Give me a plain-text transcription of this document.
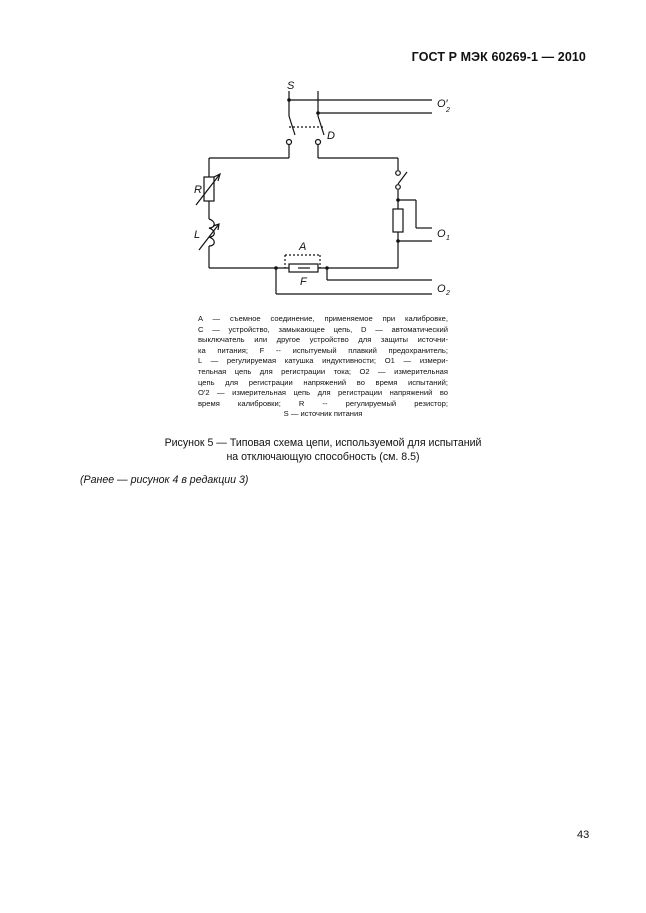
ГОСТ Р МЭК 60269-1 — 2010
S
D
O′
2
R
L
A
F
O 1
O 2
A — съемное соединение, применяемое при калибровке,
C — устройство, замыкающее цепь, D — автоматический
выключатель или другое устройство для защиты источни-
ка питания; F -- испытуемый плавкий предохранитель;
L — регулируемая катушка индуктивности; O1 — измери-
тельная цепь для регистрации тока; O2 — измерительная
цепь для регистрации напряжений во время испытаний;
O′2 — измерительная цепь для регистрации напряжений во
время калибровки; R -- регулируемый резистор;
S — источник питания
Рисунок 5 — Типовая схема цепи, используемой для испытаний
на отключающую способность (см. 8.5)
(Ранее — рисунок 4 в редакции 3)
43
